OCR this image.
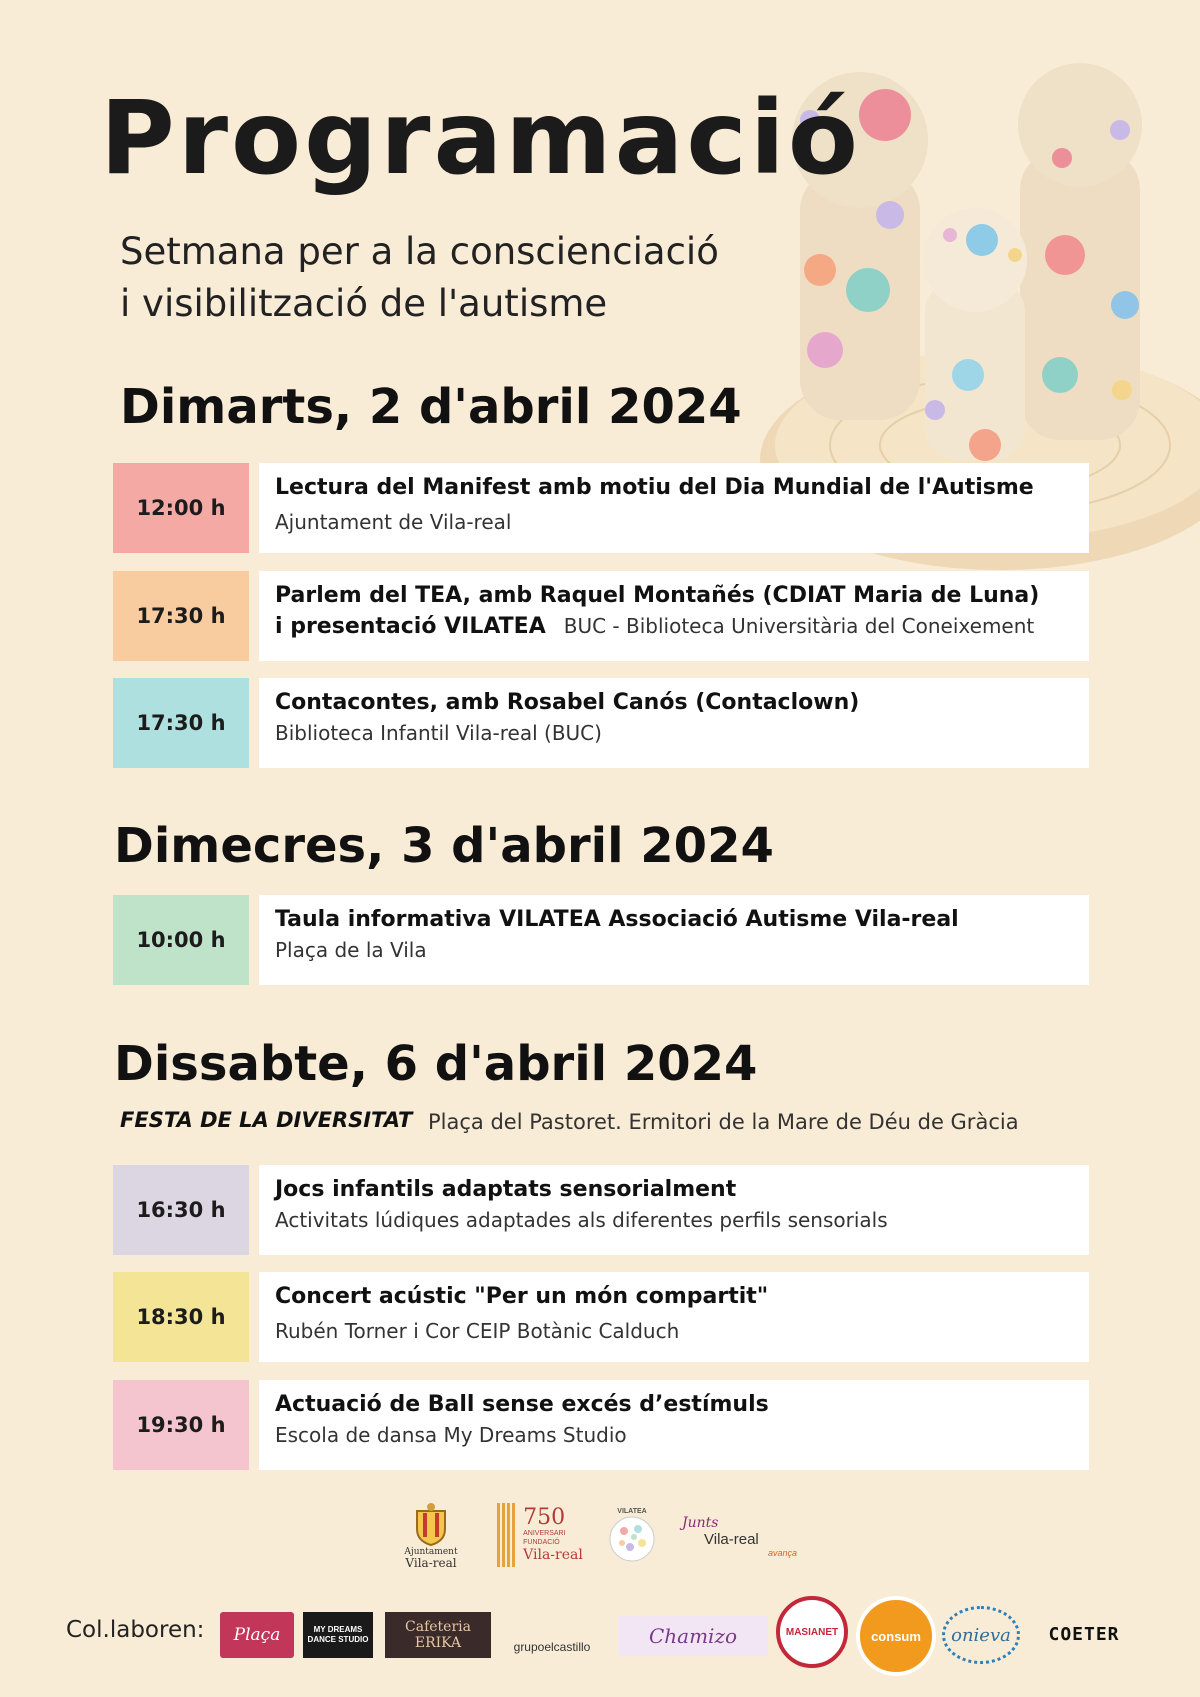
Programació
Setmana per a la conscienciació
i visibilització de l'autisme
Dimarts, 2 d'abril 2024
12:00 h
Lectura del Manifest amb motiu del Dia Mundial de l'Autisme
Ajuntament de Vila-real
17:30 h
Parlem del TEA, amb Raquel Montañés (CDIAT Maria de Luna)
i presentació VILATEA BUC - Biblioteca Universitària del Coneixement
17:30 h
Contacontes, amb Rosabel Canós (Contaclown)
Biblioteca Infantil Vila-real (BUC)
Dimecres, 3 d'abril 2024
10:00 h
Taula informativa VILATEA Associació Autisme Vila-real
Plaça de la Vila
Dissabte, 6 d'abril 2024
FESTA DE LA DIVERSITAT Plaça del Pastoret. Ermitori de la Mare de Déu de Gràcia
16:30 h
Jocs infantils adaptats sensorialment
Activitats lúdiques adaptades als diferentes perfils sensorials
18:30 h
Concert acústic "Per un món compartit"
Rubén Torner i Cor CEIP Botànic Calduch
19:30 h
Actuació de Ball sense excés d’estímuls
Escola de dansa My Dreams Studio
Ajuntament
Vila-real
750
ANIVERSARI
FUNDACIÓ
Vila-real
VILATEA
Junts
Vila-real
avança
Col.laboren:	Plaça	MY DREAMS DANCE STUDIO
Cafeteria ERIKA	grupoelcastillo	Chamizo	MASIANET	consum	onieva	COETER
